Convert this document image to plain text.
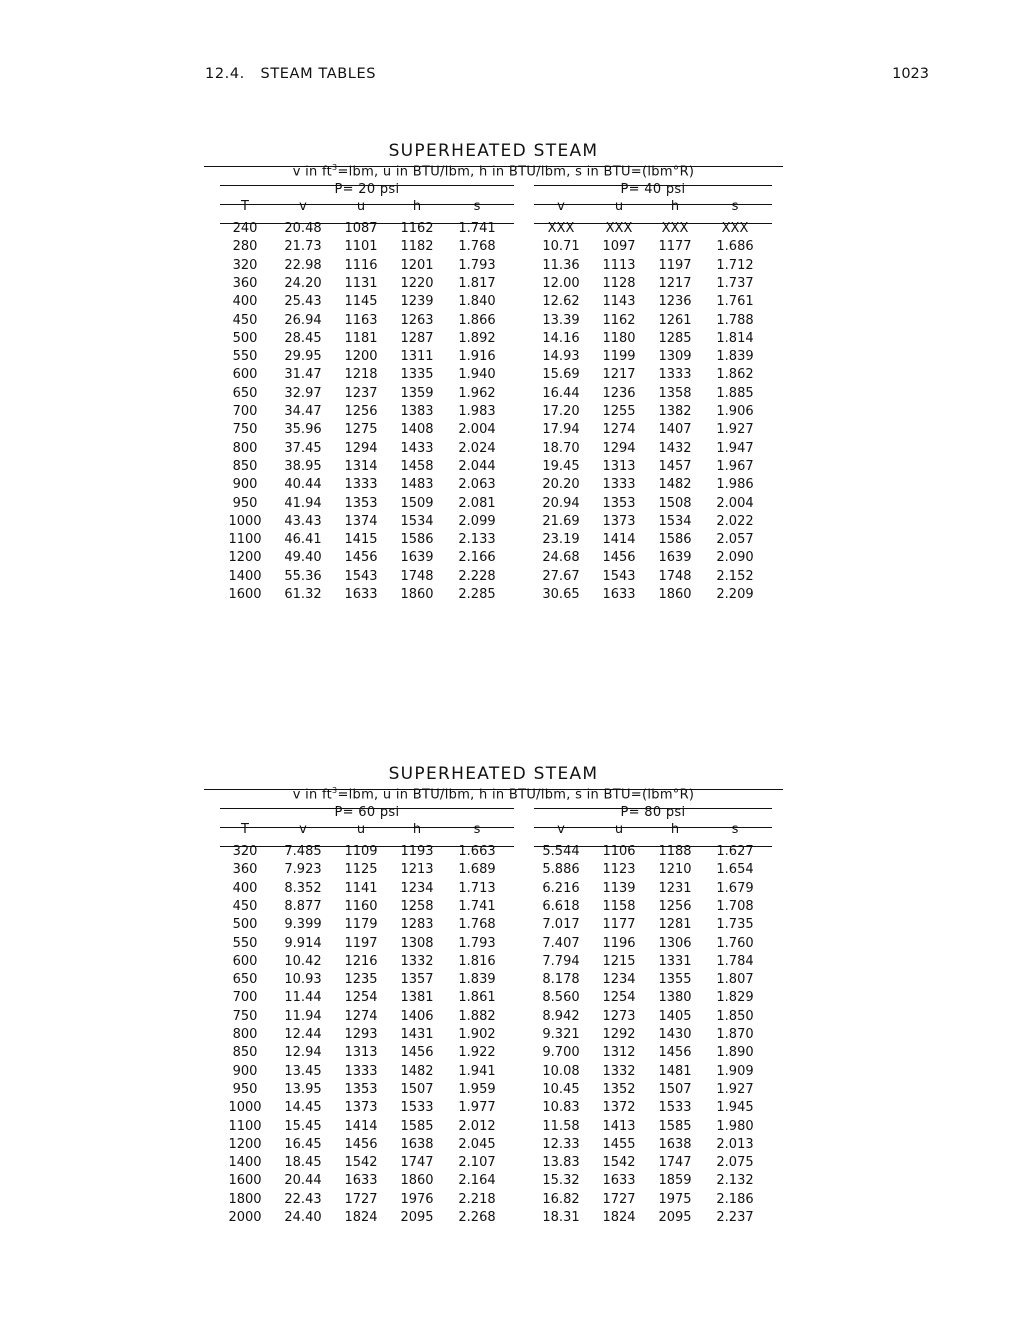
12.4.   STEAM TABLES	1023
SUPERHEATED STEAM
v in $ft^3=lbm$, u in BTU/lbm, h in BTU/lbm, s in BTU=(lbm°R)
P= 20 psi	P= 40 psi
T	v	u	h	s	v	u	h	s
240	20.48	1087	1162	1.741	XXX	XXX	XXX	XXX
280	21.73	1101	1182	1.768	10.71	1097	1177	1.686
320	22.98	1116	1201	1.793	11.36	1113	1197	1.712
360	24.20	1131	1220	1.817	12.00	1128	1217	1.737
400	25.43	1145	1239	1.840	12.62	1143	1236	1.761
450	26.94	1163	1263	1.866	13.39	1162	1261	1.788
500	28.45	1181	1287	1.892	14.16	1180	1285	1.814
550	29.95	1200	1311	1.916	14.93	1199	1309	1.839
600	31.47	1218	1335	1.940	15.69	1217	1333	1.862
650	32.97	1237	1359	1.962	16.44	1236	1358	1.885
700	34.47	1256	1383	1.983	17.20	1255	1382	1.906
750	35.96	1275	1408	2.004	17.94	1274	1407	1.927
800	37.45	1294	1433	2.024	18.70	1294	1432	1.947
850	38.95	1314	1458	2.044	19.45	1313	1457	1.967
900	40.44	1333	1483	2.063	20.20	1333	1482	1.986
950	41.94	1353	1509	2.081	20.94	1353	1508	2.004
1000	43.43	1374	1534	2.099	21.69	1373	1534	2.022
1100	46.41	1415	1586	2.133	23.19	1414	1586	2.057
1200	49.40	1456	1639	2.166	24.68	1456	1639	2.090
1400	55.36	1543	1748	2.228	27.67	1543	1748	2.152
1600	61.32	1633	1860	2.285	30.65	1633	1860	2.209
SUPERHEATED STEAM
v in $ft^3=lbm$, u in BTU/lbm, h in BTU/lbm, s in BTU=(lbm°R)
P= 60 psi	P= 80 psi
T	v	u	h	s	v	u	h	s
320	7.485	1109	1193	1.663	5.544	1106	1188	1.627
360	7.923	1125	1213	1.689	5.886	1123	1210	1.654
400	8.352	1141	1234	1.713	6.216	1139	1231	1.679
450	8.877	1160	1258	1.741	6.618	1158	1256	1.708
500	9.399	1179	1283	1.768	7.017	1177	1281	1.735
550	9.914	1197	1308	1.793	7.407	1196	1306	1.760
600	10.42	1216	1332	1.816	7.794	1215	1331	1.784
650	10.93	1235	1357	1.839	8.178	1234	1355	1.807
700	11.44	1254	1381	1.861	8.560	1254	1380	1.829
750	11.94	1274	1406	1.882	8.942	1273	1405	1.850
800	12.44	1293	1431	1.902	9.321	1292	1430	1.870
850	12.94	1313	1456	1.922	9.700	1312	1456	1.890
900	13.45	1333	1482	1.941	10.08	1332	1481	1.909
950	13.95	1353	1507	1.959	10.45	1352	1507	1.927
1000	14.45	1373	1533	1.977	10.83	1372	1533	1.945
1100	15.45	1414	1585	2.012	11.58	1413	1585	1.980
1200	16.45	1456	1638	2.045	12.33	1455	1638	2.013
1400	18.45	1542	1747	2.107	13.83	1542	1747	2.075
1600	20.44	1633	1860	2.164	15.32	1633	1859	2.132
1800	22.43	1727	1976	2.218	16.82	1727	1975	2.186
2000	24.40	1824	2095	2.268	18.31	1824	2095	2.237
